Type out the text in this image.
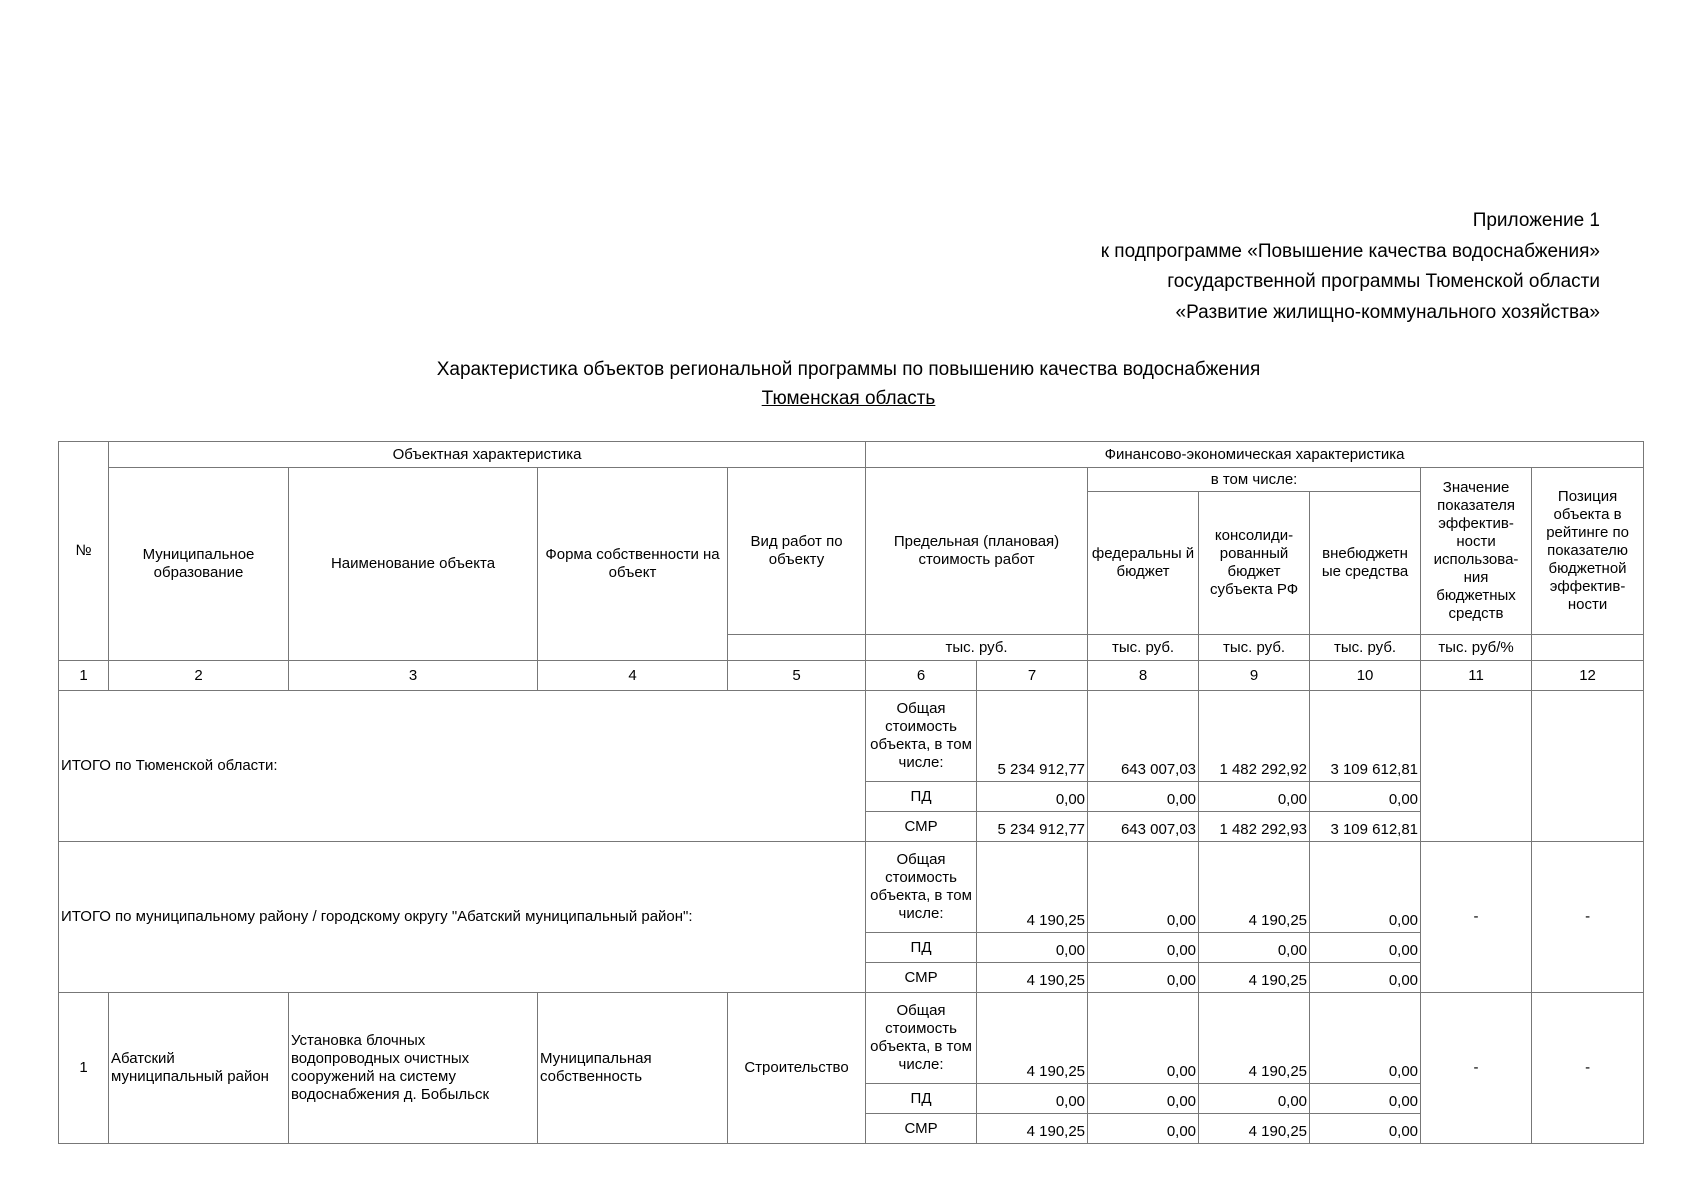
Приложение 1
к подпрограмме «Повышение качества водоснабжения»
государственной программы Тюменской области
«Развитие жилищно-коммунального хозяйства»
Характеристика объектов региональной программы по повышению качества водоснабжения
Тюменская область
№	Объектная характеристика				Финансово-экономическая характеристика						
	Муниципальное образование	Наименование объекта	Форма собственности на объект	Вид работ по объекту	Предельная (плановая) стоимость работ		в том числе:			Значение показателя эффектив-ности использова-ния бюджетных средств	Позиция объекта в рейтинге по показателю бюджетной эффектив-ности
							федеральны й бюджет	консолиди-рованный бюджет субъекта РФ	внебюджетн ые средства		
					тыс. руб.		тыс. руб.	тыс. руб.	тыс. руб.	тыс. руб/%	
1	2	3	4	5	6	7	8	9	10	11	12
ИТОГО по Тюменской области:					Общая стоимость объекта, в том числе:	5 234 912,77	643 007,03	1 482 292,92	3 109 612,81		
					ПД	0,00	0,00	0,00	0,00		
					СМР	5 234 912,77	643 007,03	1 482 292,93	3 109 612,81		
ИТОГО по муниципальному району / городскому округу "Абатский муниципальный район":					Общая стоимость объекта, в том числе:	4 190,25	0,00	4 190,25	0,00	-	-
					ПД	0,00	0,00	0,00	0,00		
					СМР	4 190,25	0,00	4 190,25	0,00		
1	Абатский муниципальный район	Установка блочных водопроводных очистных сооружений на систему водоснабжения д. Бобыльск	Муниципальная собственность	Строительство	Общая стоимость объекта, в том числе:	4 190,25	0,00	4 190,25	0,00	-	-
					ПД	0,00	0,00	0,00	0,00		
					СМР	4 190,25	0,00	4 190,25	0,00		
